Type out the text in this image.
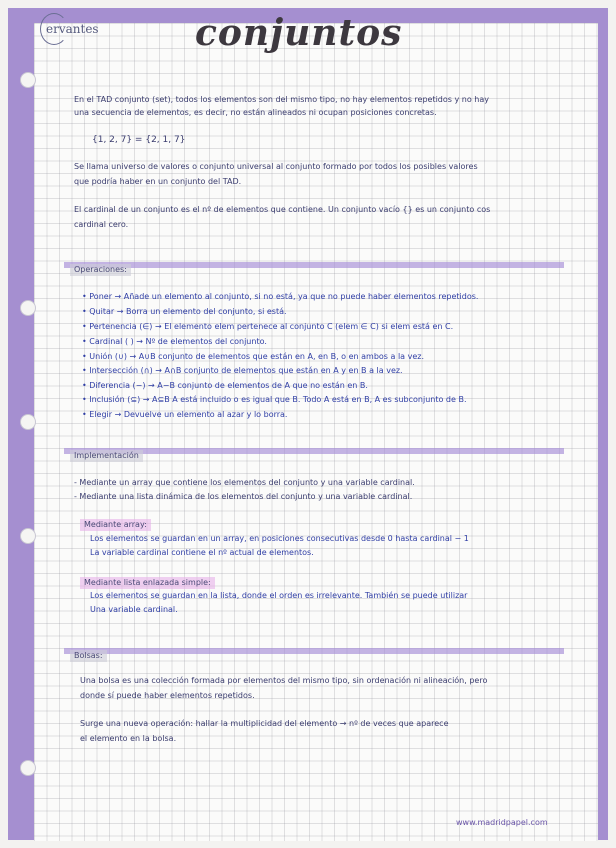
ervantes	conjuntos
En el TAD conjunto (set), todos los elementos son del mismo tipo, no hay elementos repetidos y no hay
una secuencia de elementos, es decir, no están alineados ni ocupan posiciones concretas.
{1, 2, 7} = {2, 1, 7}
Se llama universo de valores o conjunto universal al conjunto formado por todos los posibles valores
que podría haber en un conjunto del TAD.
El cardinal de un conjunto es el nº de elementos que contiene. Un conjunto vacío {} es un conjunto cos
cardinal cero.
Operaciones:
• Poner → Añade un elemento al conjunto, si no está, ya que no puede haber elementos repetidos.
• Quitar → Borra un elemento del conjunto, si está.
• Pertenencia (∈) → El elemento elem pertenece al conjunto C (elem ∈ C) si elem está en C.
• Cardinal ( ) → Nº de elementos del conjunto.
• Unión (∪) → A∪B conjunto de elementos que están en A, en B, o en ambos a la vez.
• Intersección (∩) → A∩B conjunto de elementos que están en A y en B a la vez.
• Diferencia (−) → A−B conjunto de elementos de A que no están en B.
• Inclusión (⊆) → A⊆B A está incluido o es igual que B. Todo A está en B, A es subconjunto de B.
• Elegir → Devuelve un elemento al azar y lo borra.
Implementación
- Mediante un array que contiene los elementos del conjunto y una variable cardinal.
- Mediante una lista dinámica de los elementos del conjunto y una variable cardinal.
Mediante array:
Los elementos se guardan en un array, en posiciones consecutivas desde 0 hasta cardinal − 1
La variable cardinal contiene el nº actual de elementos.
Mediante lista enlazada simple:
Los elementos se guardan en la lista, donde el orden es irrelevante. También se puede utilizar
Una variable cardinal.
Bolsas:
Una bolsa es una colección formada por elementos del mismo tipo, sin ordenación ni alineación, pero
donde sí puede haber elementos repetidos.
Surge una nueva operación: hallar la multiplicidad del elemento → nº de veces que aparece
el elemento en la bolsa.
www.madridpapel.com
